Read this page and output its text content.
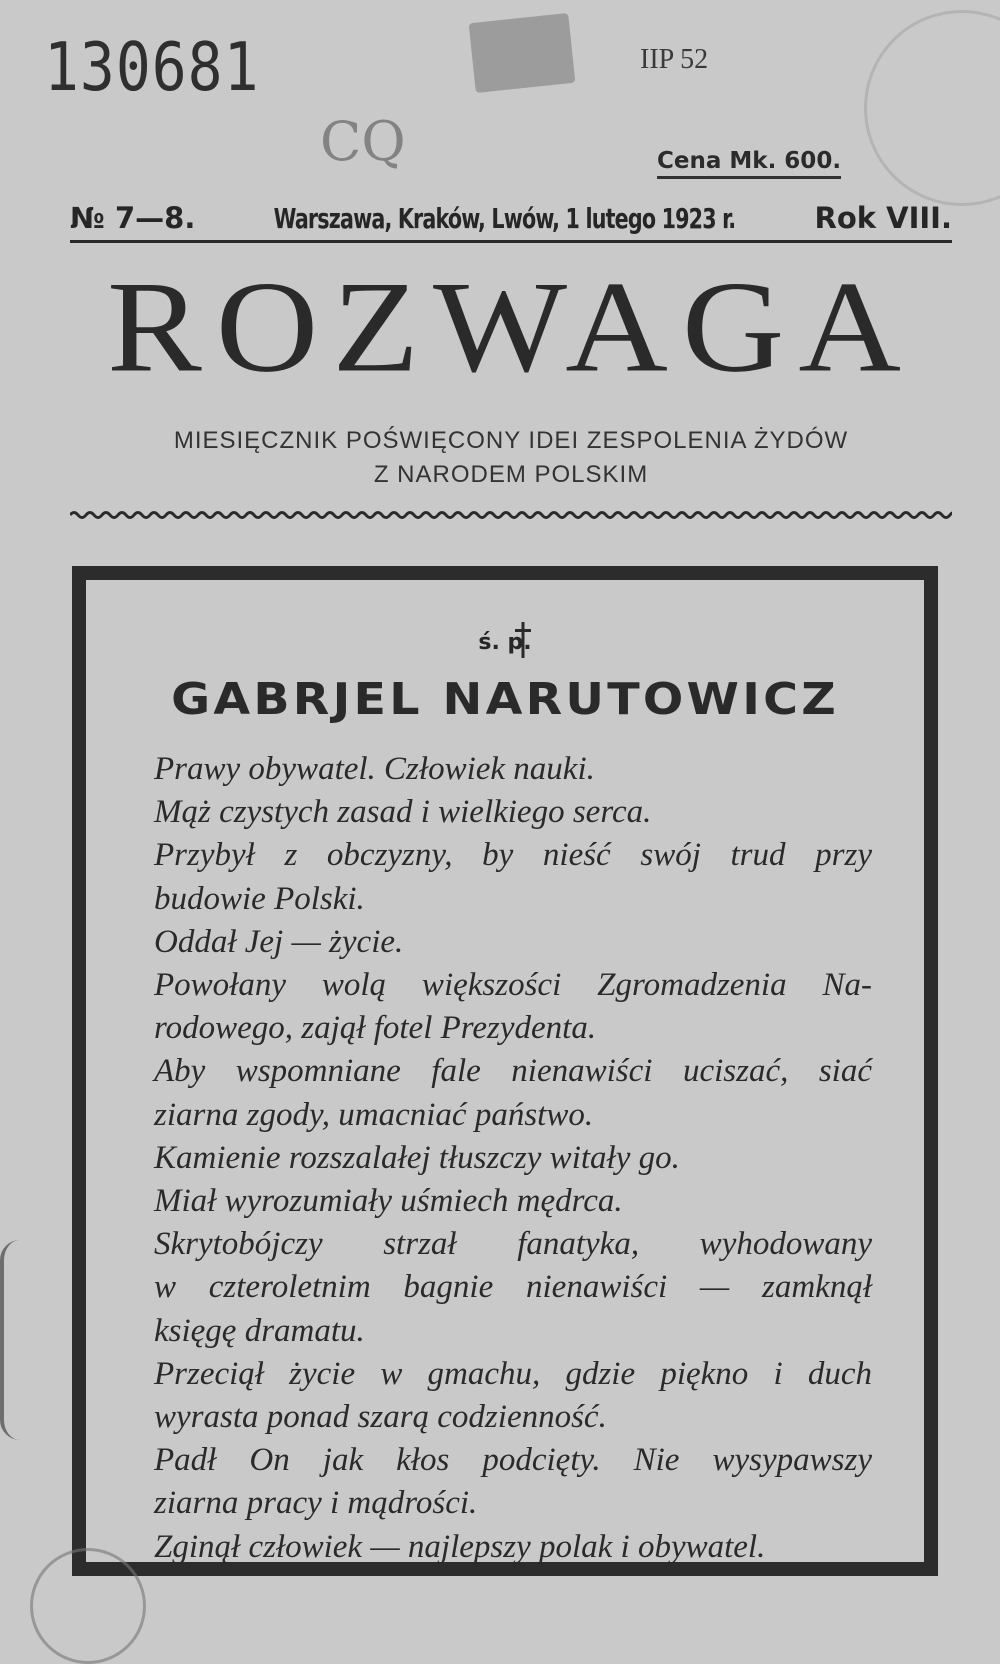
130681	IIP 52
CQ	Cena Mk. 600.
№ 7—8.	Warszawa, Kraków, Lwów, 1 lutego 1923 r.	Rok VIII.
ROZWAGA
MIESIĘCZNIK POŚWIĘCONY IDEI ZESPOLENIA ŻYDÓW
Z NARODEM POLSKIM
ś. p.
GABRJEL NARUTOWICZ
Prawy obywatel. Człowiek nauki.
Mąż czystych zasad i wielkiego serca.
Przybył z obczyzny, by nieść swój trud przy
budowie Polski.
Oddał Jej — życie.
Powołany wolą większości Zgromadzenia Na-
rodowego, zajął fotel Prezydenta.
Aby wspomniane fale nienawiści uciszać, siać
ziarna zgody, umacniać państwo.
Kamienie rozszalałej tłuszczy witały go.
Miał wyrozumiały uśmiech mędrca.
Skrytobójczy strzał fanatyka, wyhodowany
w czteroletnim bagnie nienawiści — zamknął
księgę dramatu.
Przeciął życie w gmachu, gdzie piękno i duch
wyrasta ponad szarą codzienność.
Padł On jak kłos podcięty. Nie wysypawszy
ziarna pracy i mądrości.
Zginął człowiek — najlepszy polak i obywatel.
